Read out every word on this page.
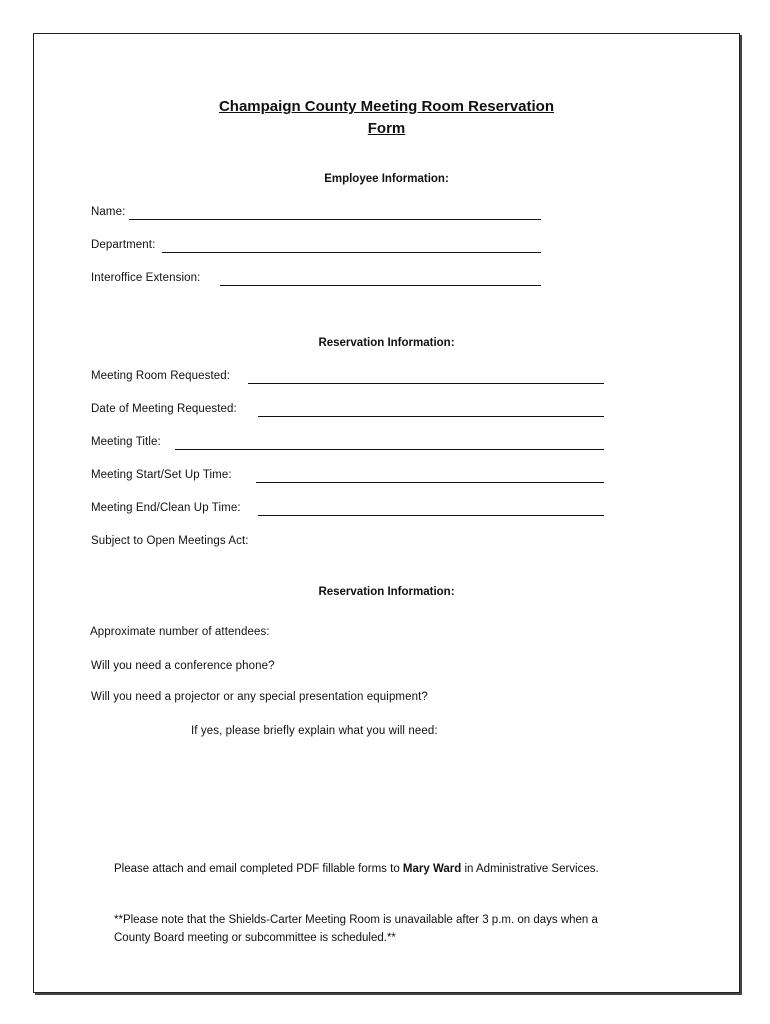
Champaign County Meeting Room Reservation
Form
Employee Information:
Name:
Department:
Interoffice Extension:
Reservation Information:
Meeting Room Requested:
Date of Meeting Requested:
Meeting Title:
Meeting Start/Set Up Time:
Meeting End/Clean Up Time:
Subject to Open Meetings Act:
Reservation Information:
Approximate number of attendees:
Will you need a conference phone?
Will you need a projector or any special presentation equipment?
If yes, please briefly explain what you will need:
Please attach and email completed PDF fillable forms to Mary Ward in Administrative Services.
**Please note that the Shields-Carter Meeting Room is unavailable after 3 p.m. on days when a County Board meeting or subcommittee is scheduled.**
